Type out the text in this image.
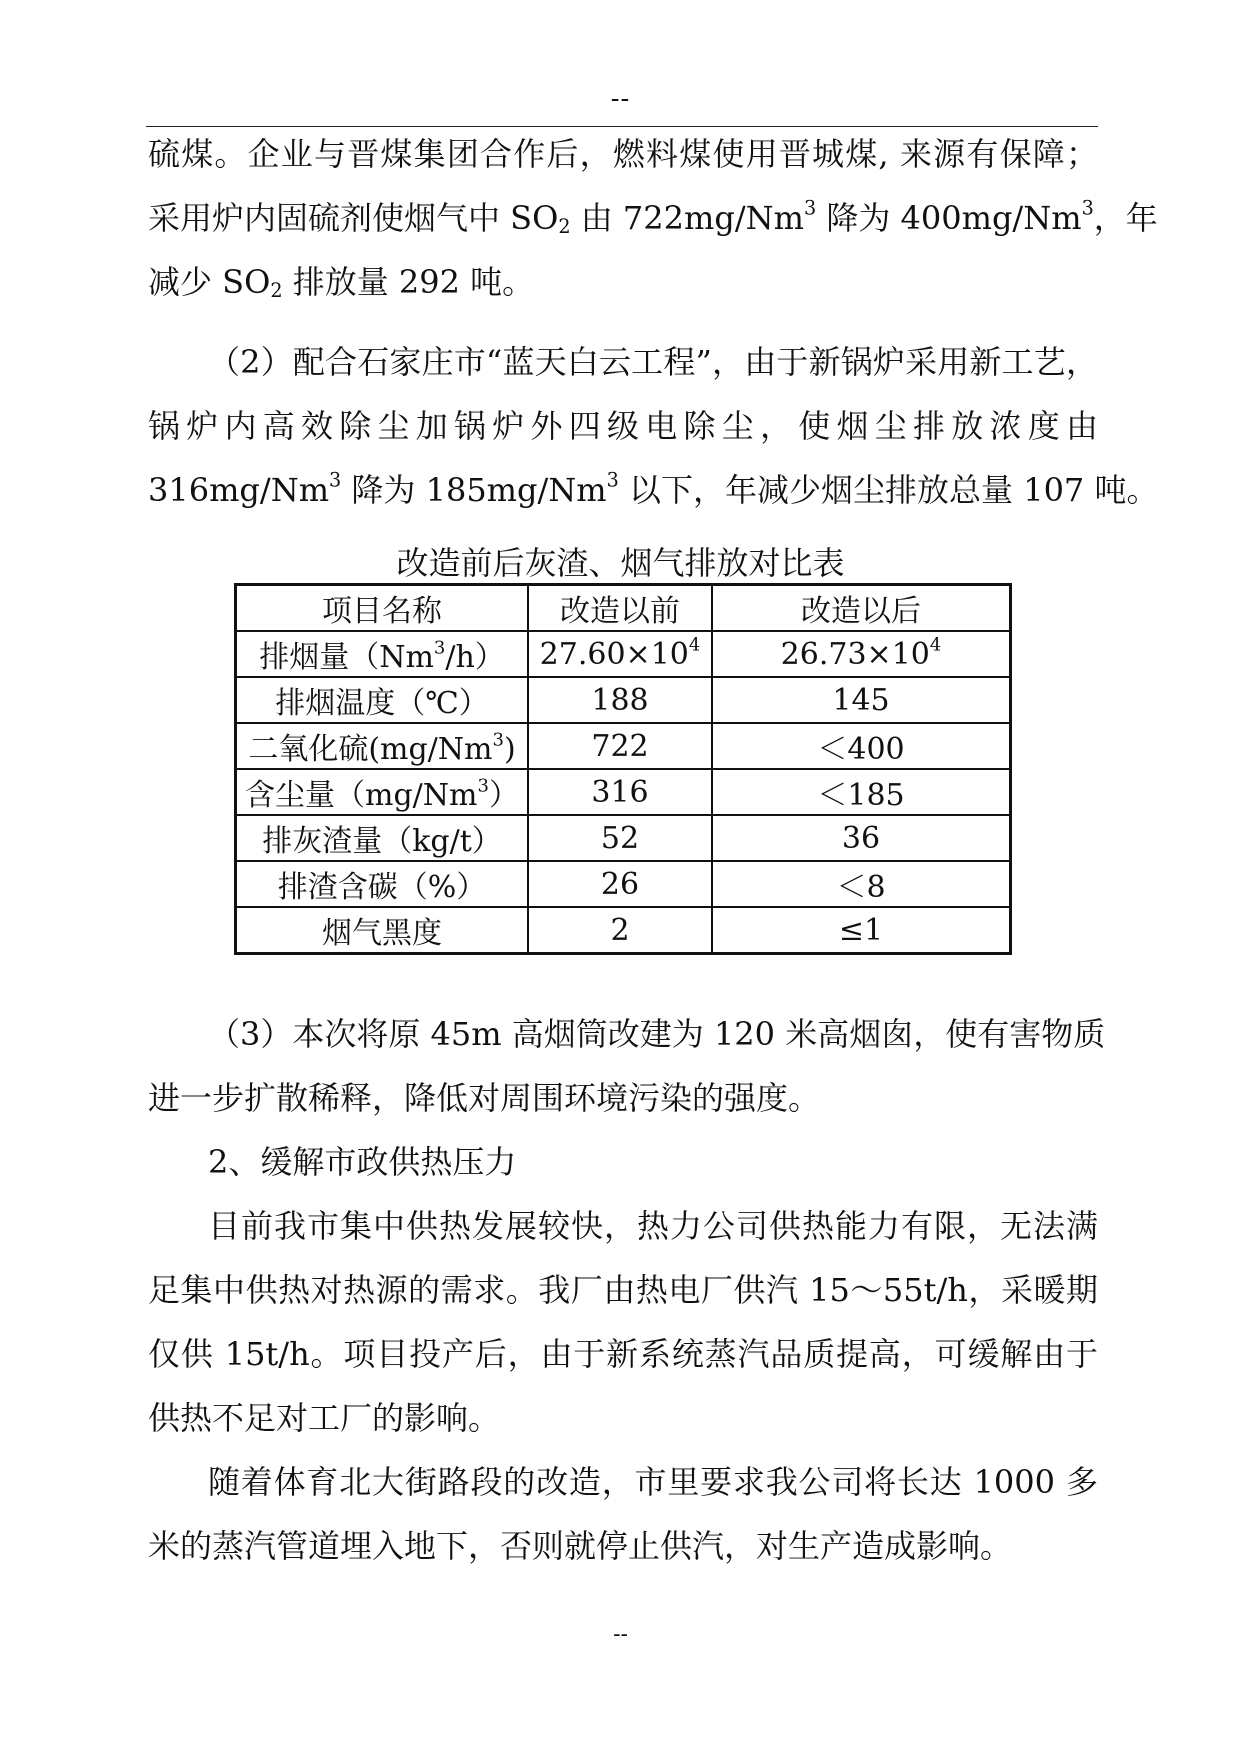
--
硫煤。企业与晋煤集团合作后，燃料煤使用晋城煤, 来源有保障；
采用炉内固硫剂使烟气中 $SO_2$ 由 722mg/Nm$^3$ 降为 400mg/Nm$^3$，年
减少 $SO_2$ 排放量 292 吨。
（2）配合石家庄市“蓝天白云工程”，由于新锅炉采用新工艺，
锅炉内高效除尘加锅炉外四级电除尘，使烟尘排放浓度由
316mg/Nm$^3$ 降为 185mg/Nm$^3$ 以下，年减少烟尘排放总量 107 吨。
改造前后灰渣、烟气排放对比表
项目名称	改造以前	改造以后
排烟量（Nm$^3$/h）	$27.60\times 10^4$	$26.73\times 10^4$
排烟温度（℃）	188	145
二氧化硫(mg/Nm$^3$)	722	＜400
含尘量（mg/Nm$^3$）	316	＜185
排灰渣量（kg/t）	52	36
排渣含碳（%）	26	＜8
烟气黑度	2	≤1
（3）本次将原 45m 高烟筒改建为 120 米高烟囱，使有害物质
进一步扩散稀释，降低对周围环境污染的强度。
2、缓解市政供热压力
目前我市集中供热发展较快，热力公司供热能力有限，无法满
足集中供热对热源的需求。我厂由热电厂供汽 15～55t/h，采暖期
仅供 15t/h。项目投产后，由于新系统蒸汽品质提高，可缓解由于
供热不足对工厂的影响。
随着体育北大街路段的改造，市里要求我公司将长达 1000 多
米的蒸汽管道埋入地下，否则就停止供汽，对生产造成影响。
--
